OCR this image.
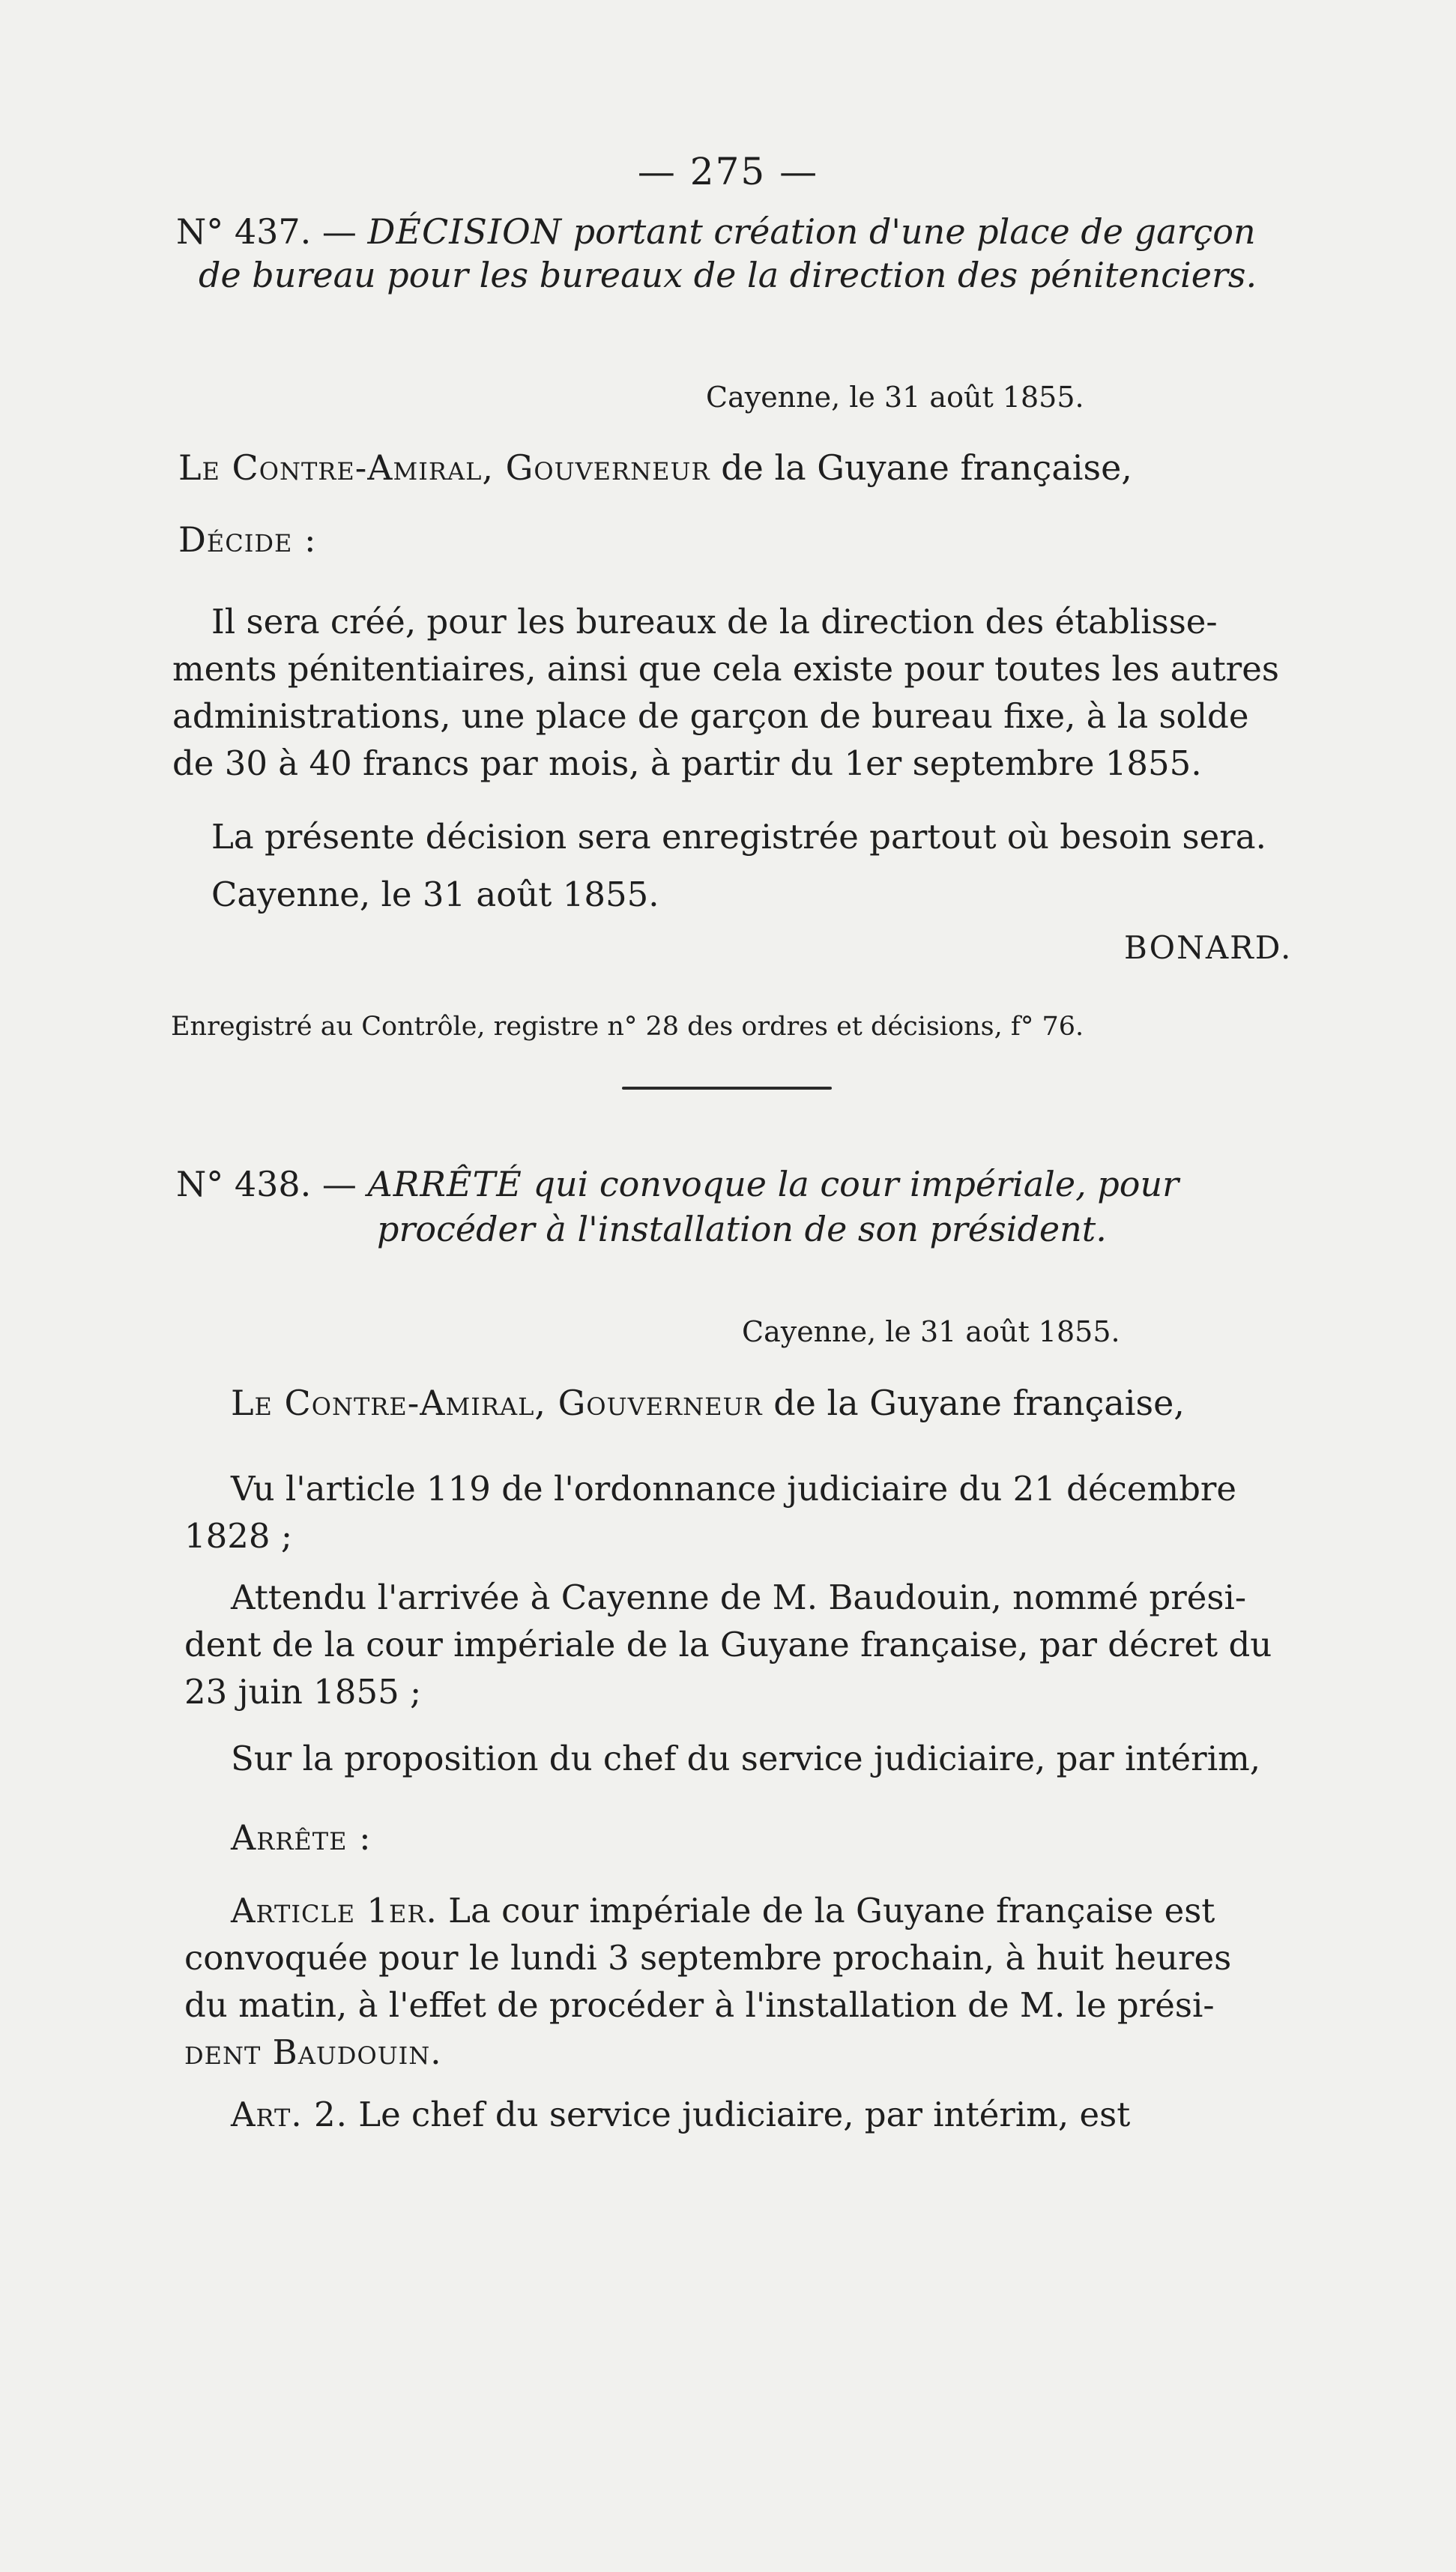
— 275 —
N° 437. — DÉCISION portant création d'une place de garçon
de bureau pour les bureaux de la direction des pénitenciers.
Cayenne, le 31 août 1855.
Le Contre-Amiral, Gouverneur de la Guyane française,
Décide :
Il sera créé, pour les bureaux de la direction des établisse-
ments pénitentiaires, ainsi que cela existe pour toutes les autres
administrations, une place de garçon de bureau fixe, à la solde
de 30 à 40 francs par mois, à partir du 1er septembre 1855.
La présente décision sera enregistrée partout où besoin sera.
Cayenne, le 31 août 1855.
BONARD.
Enregistré au Contrôle, registre n° 28 des ordres et décisions, f° 76.
N° 438. — ARRÊTÉ qui convoque la cour impériale, pour
procéder à l'installation de son président.
Cayenne, le 31 août 1855.
Le Contre-Amiral, Gouverneur de la Guyane française,
Vu l'article 119 de l'ordonnance judiciaire du 21 décembre
1828 ;
Attendu l'arrivée à Cayenne de M. Baudouin, nommé prési-
dent de la cour impériale de la Guyane française, par décret du
23 juin 1855 ;
Sur la proposition du chef du service judiciaire, par intérim,
Arrête :
Article 1er. La cour impériale de la Guyane française est
convoquée pour le lundi 3 septembre prochain, à huit heures
du matin, à l'effet de procéder à l'installation de M. le prési-
dent Baudouin.
Art. 2. Le chef du service judiciaire, par intérim, est
